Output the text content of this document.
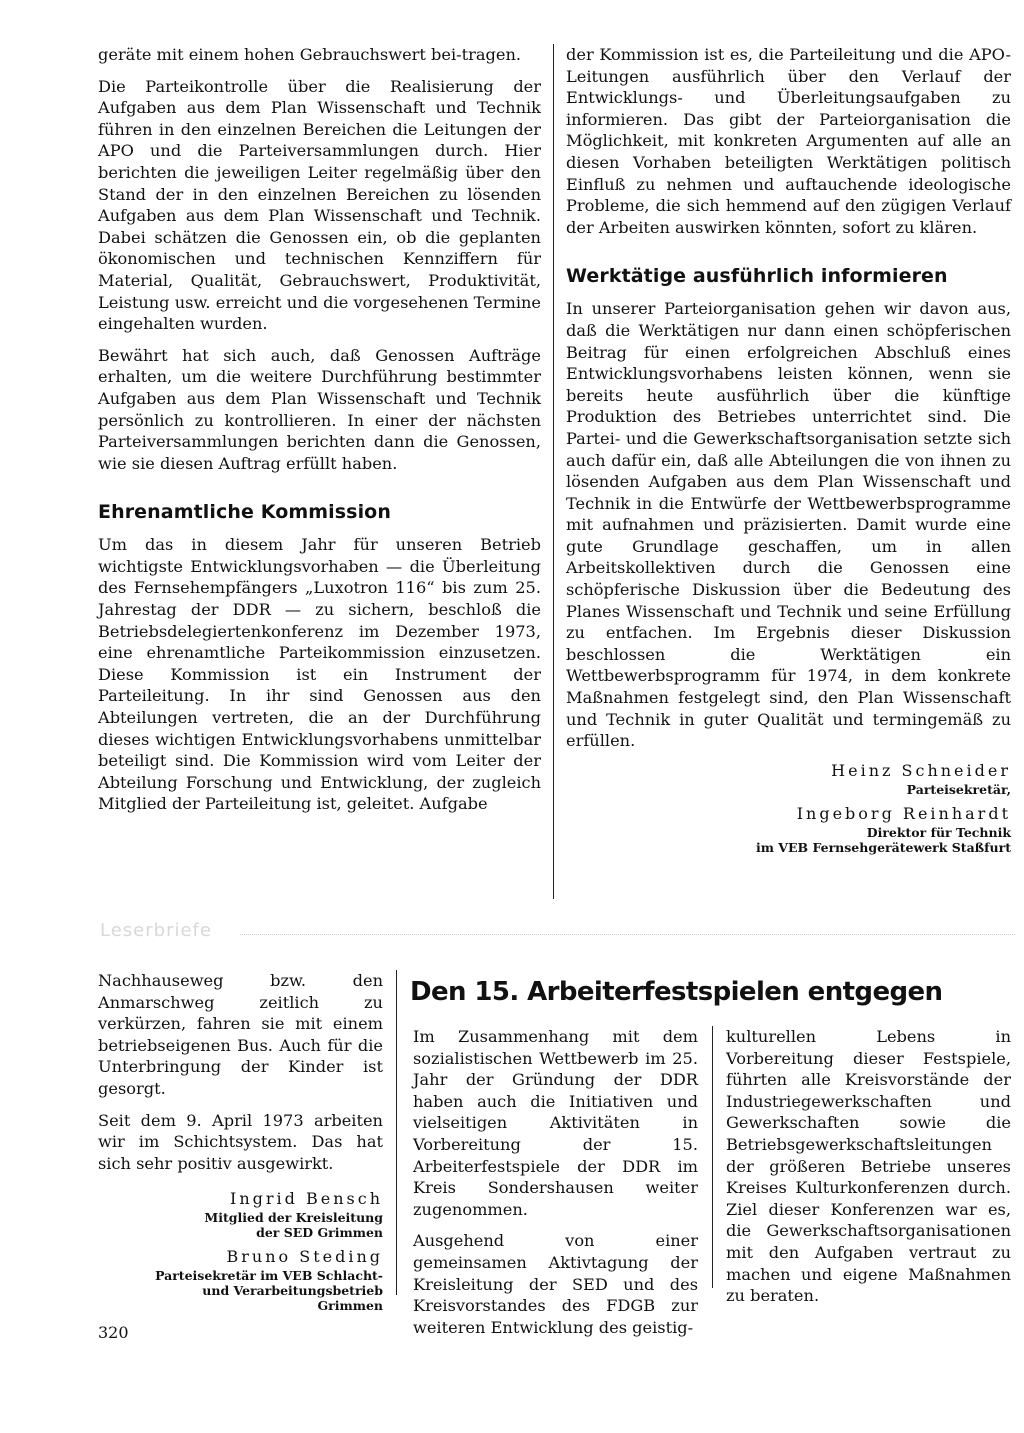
geräte mit einem hohen Gebrauchswert bei-tragen.

Die Parteikontrolle über die Realisierung der Aufgaben aus dem Plan Wissenschaft und Technik führen in den einzelnen Bereichen die Leitungen der APO und die Parteiversammlungen durch. Hier berichten die jeweiligen Leiter regelmäßig über den Stand der in den einzelnen Bereichen zu lösenden Aufgaben aus dem Plan Wissenschaft und Technik. Dabei schätzen die Genossen ein, ob die geplanten ökonomischen und technischen Kennziffern für Material, Qualität, Gebrauchswert, Produktivität, Leistung usw. erreicht und die vorgesehenen Termine eingehalten wurden.

Bewährt hat sich auch, daß Genossen Aufträge erhalten, um die weitere Durchführung bestimmter Aufgaben aus dem Plan Wissenschaft und Technik persönlich zu kontrollieren. In einer der nächsten Parteiversammlungen berichten dann die Genossen, wie sie diesen Auftrag erfüllt haben.

Ehrenamtliche Kommission

Um das in diesem Jahr für unseren Betrieb wichtigste Entwicklungsvorhaben — die Überleitung des Fernsehempfängers „Luxotron 116“ bis zum 25. Jahrestag der DDR — zu sichern, beschloß die Betriebsdelegiertenkonferenz im Dezember 1973, eine ehrenamtliche Parteikommission einzusetzen. Diese Kommission ist ein Instrument der Parteileitung. In ihr sind Genossen aus den Abteilungen vertreten, die an der Durchführung dieses wichtigen Entwicklungsvorhabens unmittelbar beteiligt sind. Die Kommission wird vom Leiter der Abteilung Forschung und Entwicklung, der zugleich Mitglied der Parteileitung ist, geleitet. Aufgabe

der Kommission ist es, die Parteileitung und die APO-Leitungen ausführlich über den Verlauf der Entwicklungs- und Überleitungsaufgaben zu informieren. Das gibt der Parteiorganisation die Möglichkeit, mit konkreten Argumenten auf alle an diesen Vorhaben beteiligten Werktätigen politisch Einfluß zu nehmen und auftauchende ideologische Probleme, die sich hemmend auf den zügigen Verlauf der Arbeiten auswirken könnten, sofort zu klären.

Werktätige ausführlich informieren

In unserer Parteiorganisation gehen wir davon aus, daß die Werktätigen nur dann einen schöpferischen Beitrag für einen erfolgreichen Abschluß eines Entwicklungsvorhabens leisten können, wenn sie bereits heute ausführlich über die künftige Produktion des Betriebes unterrichtet sind. Die Partei- und die Gewerkschaftsorganisation setzte sich auch dafür ein, daß alle Abteilungen die von ihnen zu lösenden Aufgaben aus dem Plan Wissenschaft und Technik in die Entwürfe der Wettbewerbsprogramme mit aufnahmen und präzisierten. Damit wurde eine gute Grundlage geschaffen, um in allen Arbeitskollektiven durch die Genossen eine schöpferische Diskussion über die Bedeutung des Planes Wissenschaft und Technik und seine Erfüllung zu entfachen. Im Ergebnis dieser Diskussion beschlossen die Werktätigen ein Wettbewerbsprogramm für 1974, in dem konkrete Maßnahmen festgelegt sind, den Plan Wissenschaft und Technik in guter Qualität und termingemäß zu erfüllen.

Heinz Schneider
Parteisekretär,
Ingeborg Reinhardt
Direktor für Technik
im VEB Fernsehgerätewerk Staßfurt
Leserbriefe

Nachhauseweg bzw. den Anmarschweg zeitlich zu verkürzen, fahren sie mit einem betriebseigenen Bus. Auch für die Unterbringung der Kinder ist gesorgt.

Seit dem 9. April 1973 arbeiten wir im Schichtsystem. Das hat sich sehr positiv ausgewirkt.

Ingrid Bensch
Mitglied der Kreisleitung
der SED Grimmen
Bruno Steding
Parteisekretär im VEB Schlacht-
und Verarbeitungsbetrieb
Grimmen
Den 15. Arbeiterfestspielen entgegen

Im Zusammenhang mit dem sozialistischen Wettbewerb im 25. Jahr der Gründung der DDR haben auch die Initiativen und vielseitigen Aktivitäten in Vorbereitung der 15. Arbeiterfestspiele der DDR im Kreis Sondershausen weiter zugenommen.

Ausgehend von einer gemeinsamen Aktivtagung der Kreisleitung der SED und des Kreisvorstandes des FDGB zur weiteren Entwicklung des geistig-

kulturellen Lebens in Vorbereitung dieser Festspiele, führten alle Kreisvorstände der Industriegewerkschaften und Gewerkschaften sowie die Betriebsgewerkschaftsleitungen der größeren Betriebe unseres Kreises Kulturkonferenzen durch. Ziel dieser Konferenzen war es, die Gewerkschaftsorganisationen mit den Aufgaben vertraut zu machen und eigene Maßnahmen zu beraten.

320
